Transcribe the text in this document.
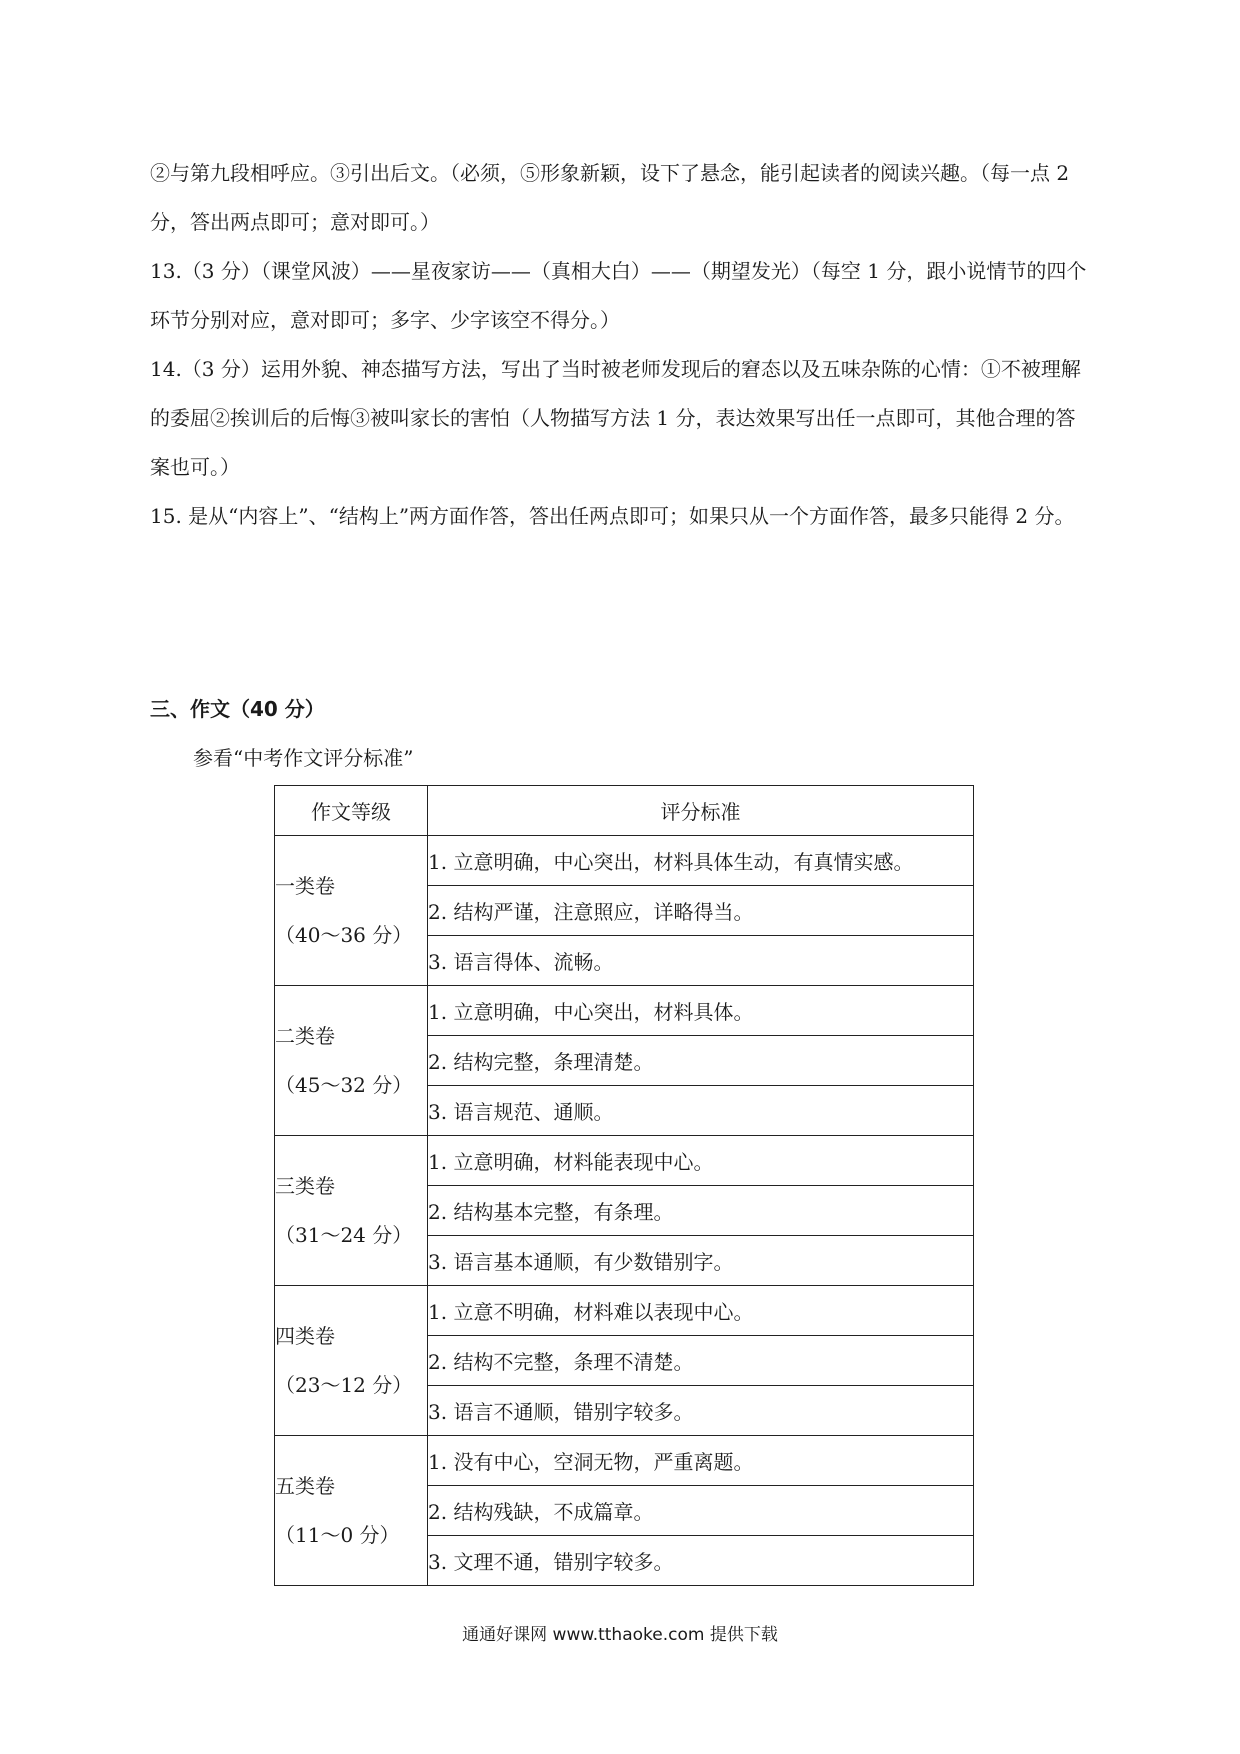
②与第九段相呼应。③引出后文。（必须，⑤形象新颖，设下了悬念，能引起读者的阅读兴趣。（每一点 2 分，答出两点即可；意对即可。）

13.（3 分）（课堂风波）——星夜家访——（真相大白）——（期望发光）（每空 1 分，跟小说情节的四个环节分别对应，意对即可；多字、少字该空不得分。）

14.（3 分）运用外貌、神态描写方法，写出了当时被老师发现后的窘态以及五味杂陈的心情：①不被理解的委屈②挨训后的后悔③被叫家长的害怕（人物描写方法 1 分，表达效果写出任一点即可，其他合理的答案也可。）

15. 是从“内容上”、“结构上”两方面作答，答出任两点即可；如果只从一个方面作答，最多只能得 2 分。

三、作文（40 分）

参看“中考作文评分标准”

作文等级	评分标准

一类卷
（40～36 分）	1. 立意明确，中心突出，材料具体生动，有真情实感。
	2. 结构严谨，注意照应，详略得当。
	3. 语言得体、流畅。

二类卷
（45～32 分）	1. 立意明确，中心突出，材料具体。
	2. 结构完整，条理清楚。
	3. 语言规范、通顺。

三类卷
（31～24 分）	1. 立意明确，材料能表现中心。
	2. 结构基本完整，有条理。
	3. 语言基本通顺，有少数错别字。

四类卷
（23～12 分）	1. 立意不明确，材料难以表现中心。
	2. 结构不完整，条理不清楚。
	3. 语言不通顺，错别字较多。

五类卷
（11～0 分）	1. 没有中心，空洞无物，严重离题。
	2. 结构残缺，不成篇章。
	3. 文理不通，错别字较多。

通通好课网 www.tthaoke.com 提供下载
